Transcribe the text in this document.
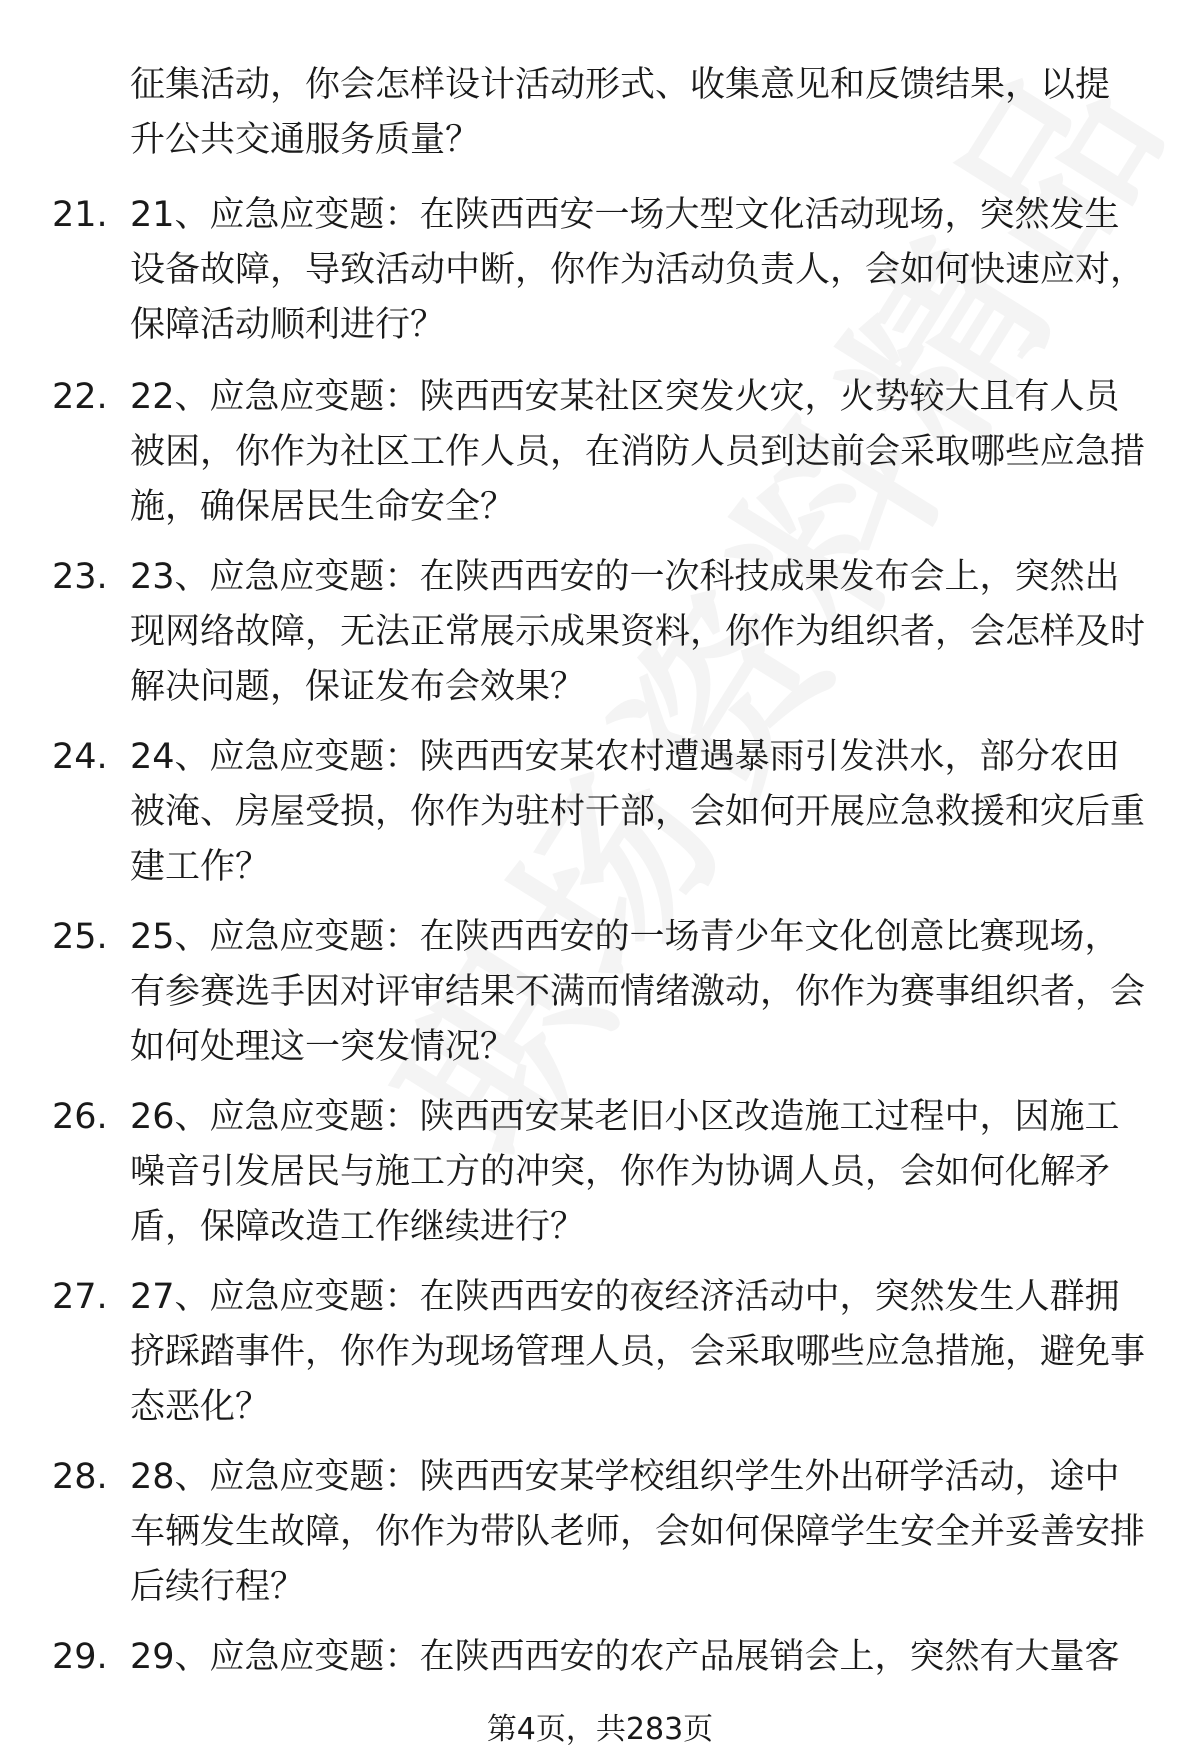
征集活动，你会怎样设计活动形式、收集意见和反馈结果，以提升公共交通服务质量？
21. 21、应急应变题：在陕西西安一场大型文化活动现场，突然发生设备故障，导致活动中断，你作为活动负责人，会如何快速应对，保障活动顺利进行？
22. 22、应急应变题：陕西西安某社区突发火灾，火势较大且有人员被困，你作为社区工作人员，在消防人员到达前会采取哪些应急措施，确保居民生命安全？
23. 23、应急应变题：在陕西西安的一次科技成果发布会上，突然出现网络故障，无法正常展示成果资料，你作为组织者，会怎样及时解决问题，保证发布会效果？
24. 24、应急应变题：陕西西安某农村遭遇暴雨引发洪水，部分农田被淹、房屋受损，你作为驻村干部，会如何开展应急救援和灾后重建工作？
25. 25、应急应变题：在陕西西安的一场青少年文化创意比赛现场，有参赛选手因对评审结果不满而情绪激动，你作为赛事组织者，会如何处理这一突发情况？
26. 26、应急应变题：陕西西安某老旧小区改造施工过程中，因施工噪音引发居民与施工方的冲突，你作为协调人员，会如何化解矛盾，保障改造工作继续进行？
27. 27、应急应变题：在陕西西安的夜经济活动中，突然发生人群拥挤踩踏事件，你作为现场管理人员，会采取哪些应急措施，避免事态恶化？
28. 28、应急应变题：陕西西安某学校组织学生外出研学活动，途中车辆发生故障，你作为带队老师，会如何保障学生安全并妥善安排后续行程？
29. 29、应急应变题：在陕西西安的农产品展销会上，突然有大量客
第4页，共283页
